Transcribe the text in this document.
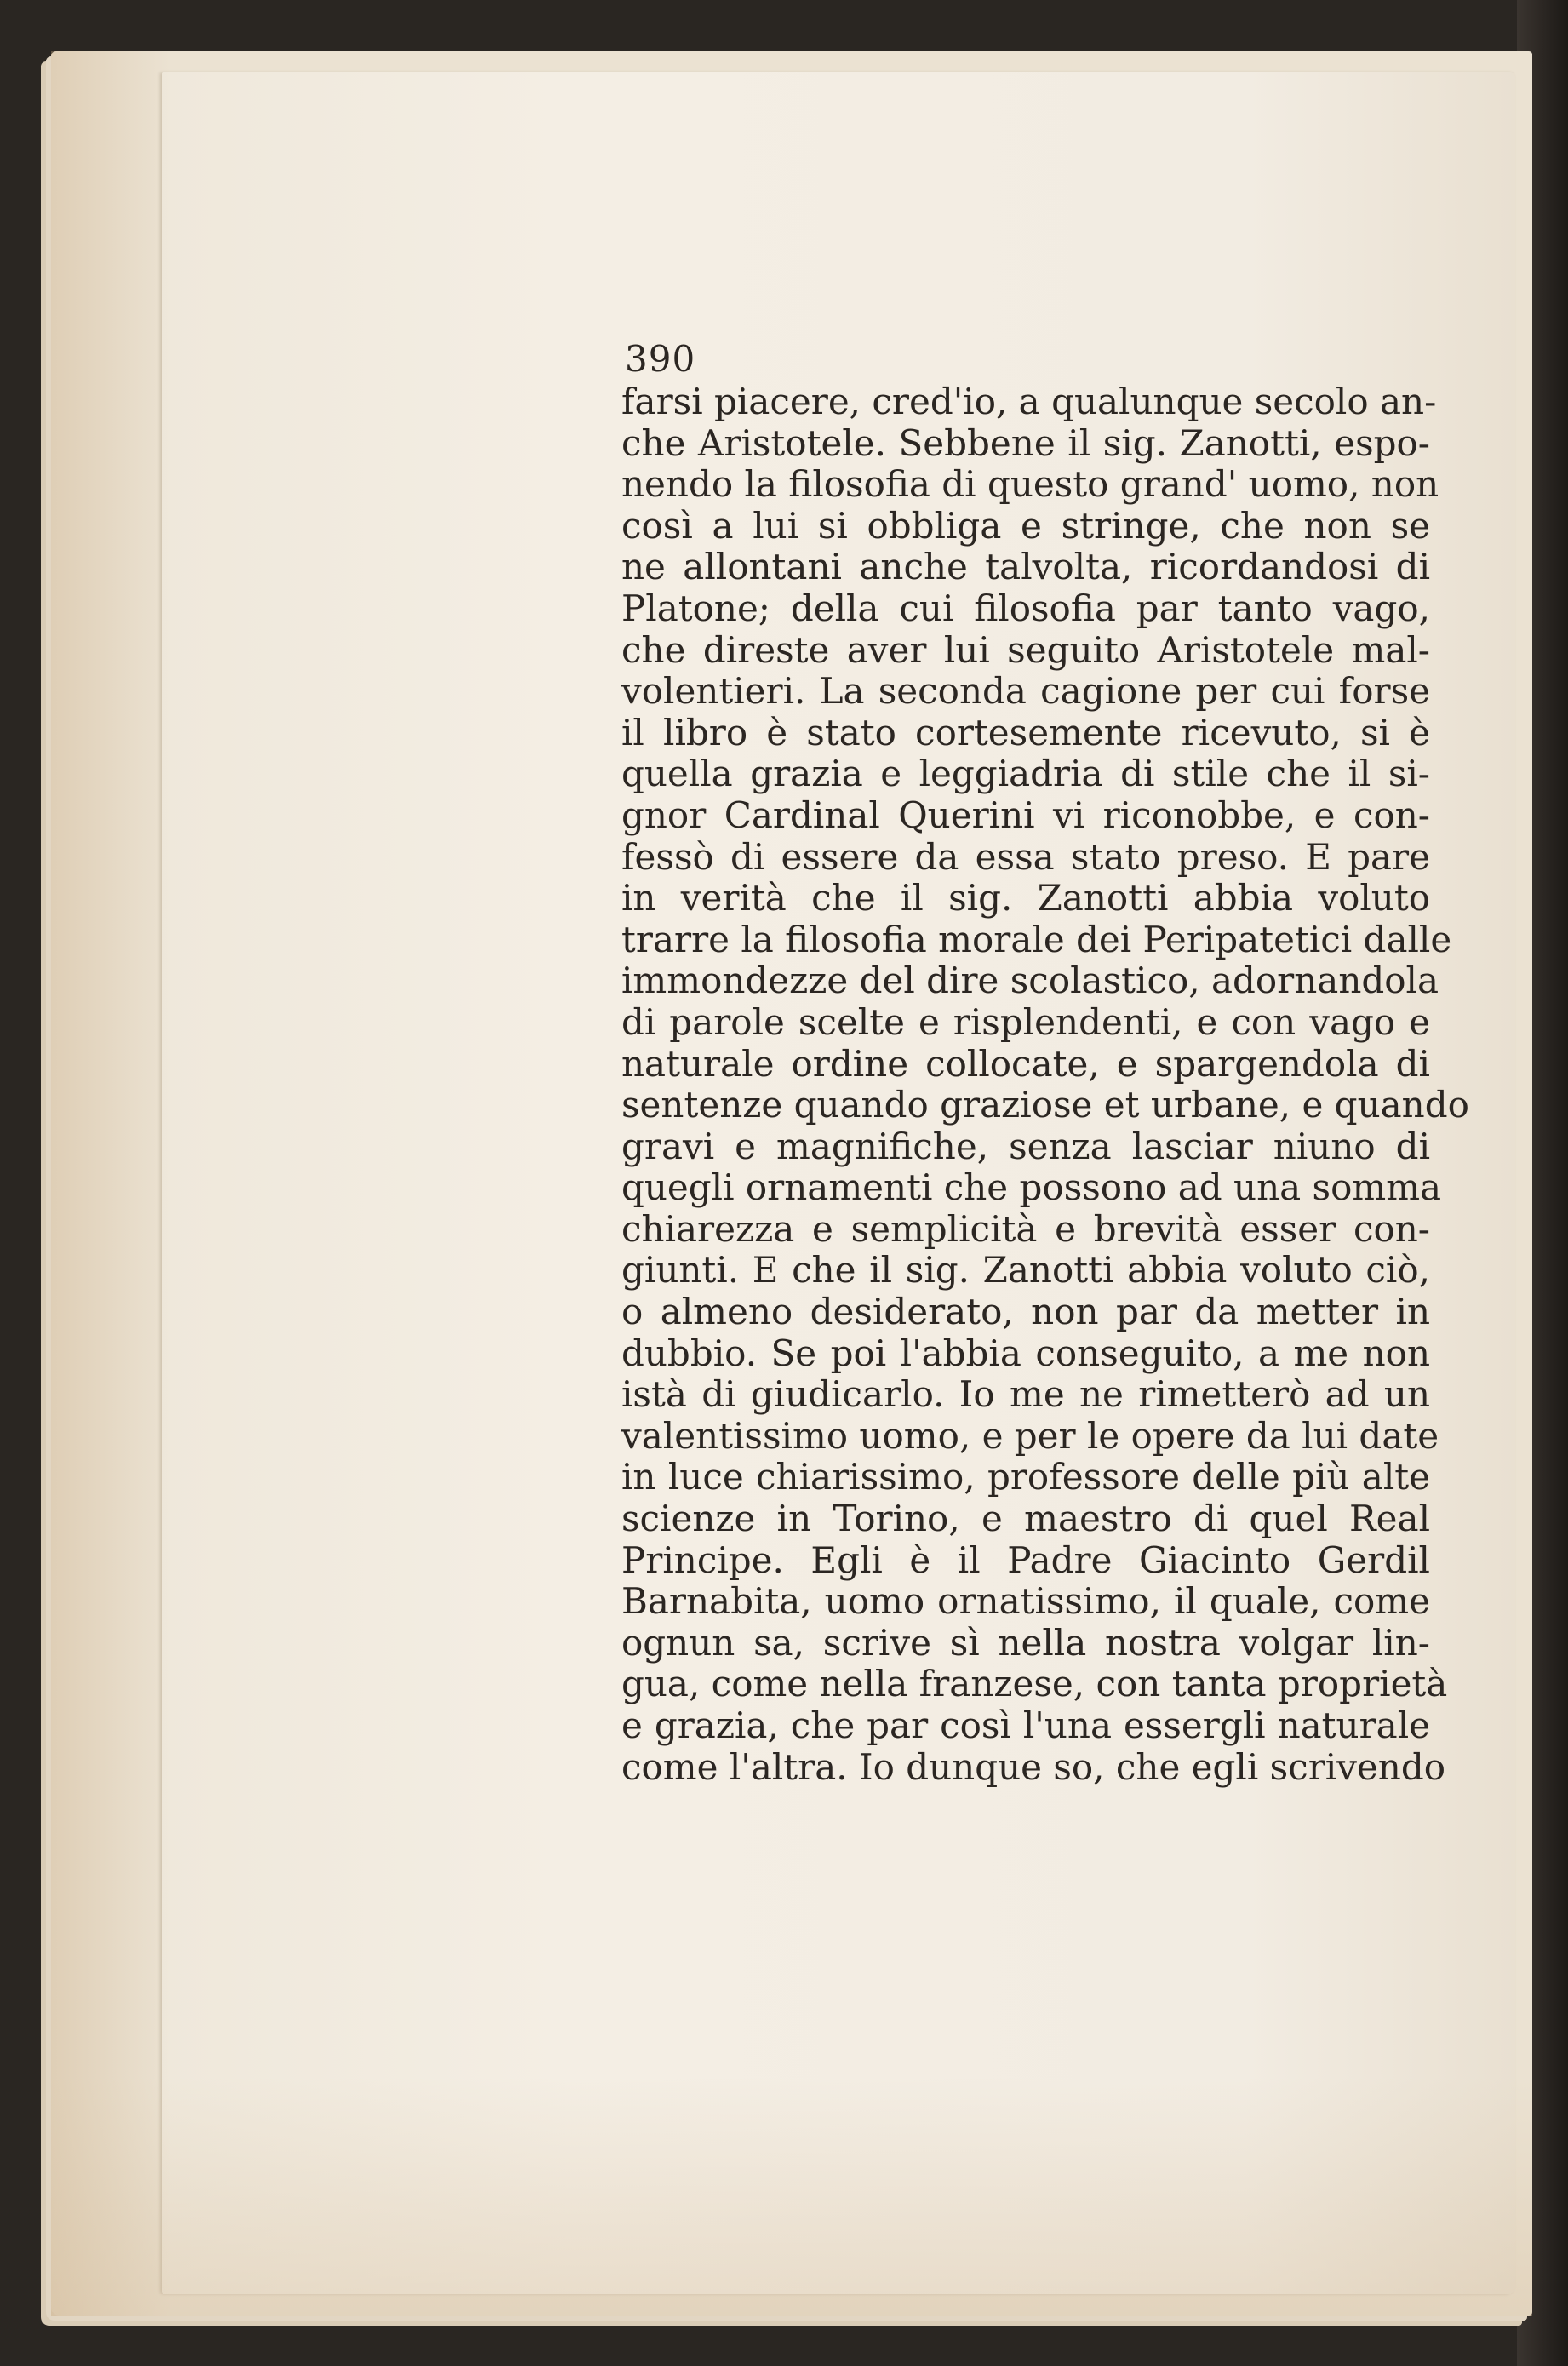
390
farsi piacere, cred'io, a qualunque secolo an-
che Aristotele. Sebbene il sig. Zanotti, espo-
nendo la filosofia di questo grand' uomo, non
così a lui si obbliga e stringe, che non se
ne allontani anche talvolta, ricordandosi di
Platone; della cui filosofia par tanto vago,
che direste aver lui seguito Aristotele mal-
volentieri. La seconda cagione per cui forse
il libro è stato cortesemente ricevuto, si è
quella grazia e leggiadria di stile che il si-
gnor Cardinal Querini vi riconobbe, e con-
fessò di essere da essa stato preso. E pare
in verità che il sig. Zanotti abbia voluto
trarre la filosofia morale dei Peripatetici dalle
immondezze del dire scolastico, adornandola
di parole scelte e risplendenti, e con vago e
naturale ordine collocate, e spargendola di
sentenze quando graziose et urbane, e quando
gravi e magnifiche, senza lasciar niuno di
quegli ornamenti che possono ad una somma
chiarezza e semplicità e brevità esser con-
giunti. E che il sig. Zanotti abbia voluto ciò,
o almeno desiderato, non par da metter in
dubbio. Se poi l'abbia conseguito, a me non
istà di giudicarlo. Io me ne rimetterò ad un
valentissimo uomo, e per le opere da lui date
in luce chiarissimo, professore delle più alte
scienze in Torino, e maestro di quel Real
Principe. Egli è il Padre Giacinto Gerdil
Barnabita, uomo ornatissimo, il quale, come
ognun sa, scrive sì nella nostra volgar lin-
gua, come nella franzese, con tanta proprietà
e grazia, che par così l'una essergli naturale
come l'altra. Io dunque so, che egli scrivendo
